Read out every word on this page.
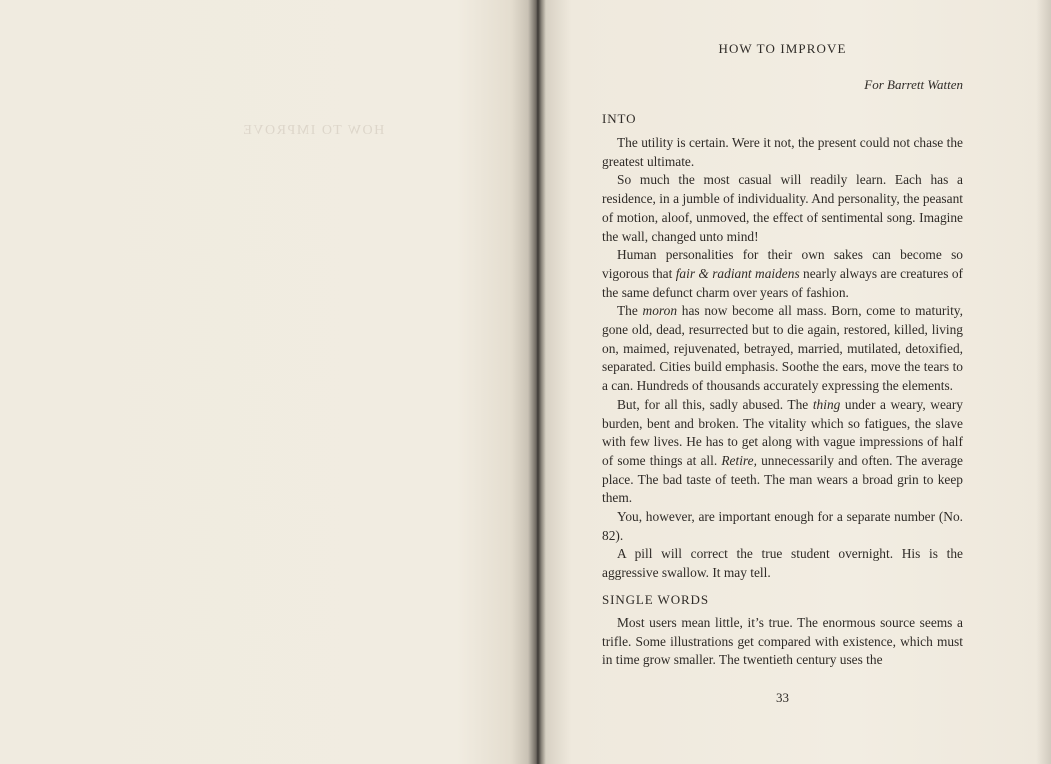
HOW TO IMPROVE
HOW TO IMPROVE
For Barrett Watten
INTO

The utility is certain. Were it not, the present could not chase the greatest ultimate.

So much the most casual will readily learn. Each has a residence, in a jumble of individuality. And personality, the peasant of motion, aloof, unmoved, the effect of sentimental song. Imagine the wall, changed unto mind!

Human personalities for their own sakes can become so vigorous that fair & radiant maidens nearly always are creatures of the same defunct charm over years of fashion.

The moron has now become all mass. Born, come to maturity, gone old, dead, resurrected but to die again, restored, killed, living on, maimed, rejuvenated, betrayed, married, mutilated, detoxified, separated. Cities build emphasis. Soothe the ears, move the tears to a can. Hundreds of thousands accurately expressing the elements.

But, for all this, sadly abused. The thing under a weary, weary burden, bent and broken. The vitality which so fatigues, the slave with few lives. He has to get along with vague impressions of half of some things at all. Retire, unnecessarily and often. The average place. The bad taste of teeth. The man wears a broad grin to keep them.

You, however, are important enough for a separate number (No. 82).

A pill will correct the true student overnight. His is the aggressive swallow. It may tell.

SINGLE WORDS

Most users mean little, it’s true. The enormous source seems a trifle. Some illustrations get compared with existence, which must in time grow smaller. The twentieth century uses the

33
